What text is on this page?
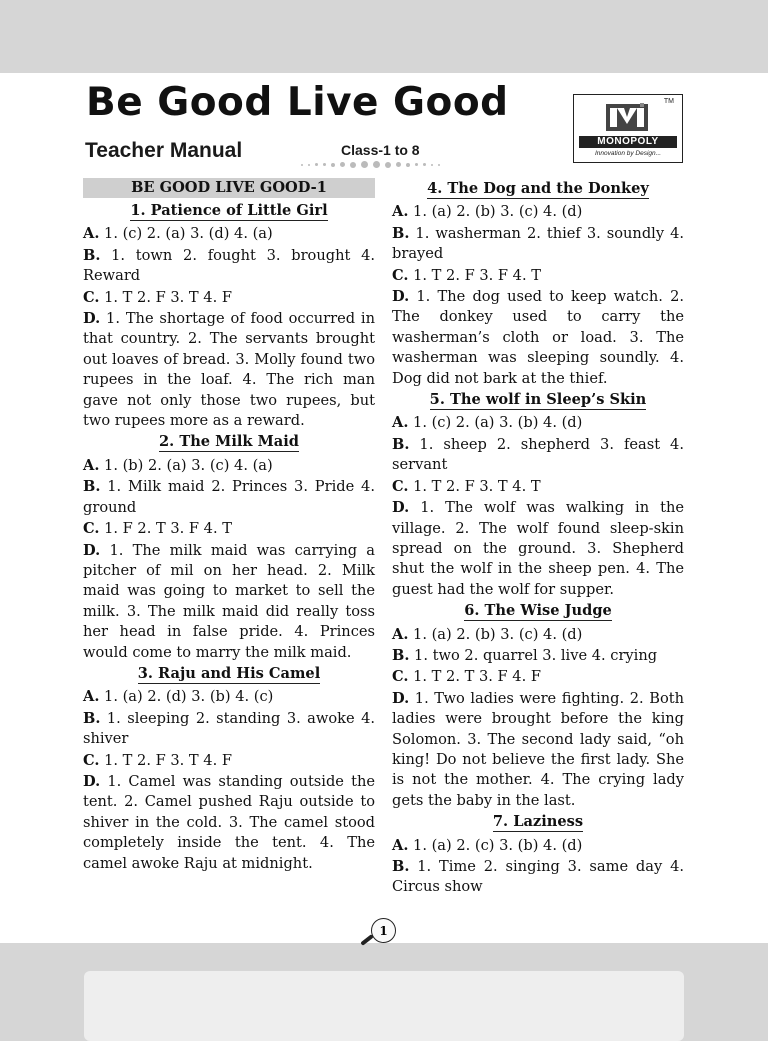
Be Good Live Good
Teacher Manual	Class-1 to 8
TM
MONOPOLY
Innovation by Design...
BE GOOD LIVE GOOD-1
1. Patience of Little Girl

A. 1. (c) 2. (a) 3. (d) 4. (a)

B. 1. town 2. fought 3. brought 4. Reward

C. 1. T 2. F 3. T 4. F

D. 1. The shortage of food occurred in that country. 2. The servants brought out loaves of bread. 3. Molly found two rupees in the loaf. 4. The rich man gave not only those two rupees, but two rupees more as a reward.

2. The Milk Maid

A. 1. (b) 2. (a) 3. (c) 4. (a)

B. 1. Milk maid 2. Princes 3. Pride 4. ground

C. 1. F 2. T 3. F 4. T

D. 1. The milk maid was carrying a pitcher of mil on her head. 2. Milk maid was going to market to sell the milk. 3. The milk maid did really toss her head in false pride. 4. Princes would come to marry the milk maid.

3. Raju and His Camel

A. 1. (a) 2. (d) 3. (b) 4. (c)

B. 1. sleeping 2. standing 3. awoke 4. shiver

C. 1. T 2. F 3. T 4. F

D. 1. Camel was standing outside the tent. 2. Camel pushed Raju outside to shiver in the cold. 3. The camel stood completely inside the tent. 4. The camel awoke Raju at midnight.

4. The Dog and the Donkey

A. 1. (a) 2. (b) 3. (c) 4. (d)

B. 1. washerman 2. thief 3. soundly 4. brayed

C. 1. T 2. F 3. F 4. T

D. 1. The dog used to keep watch. 2. The donkey used to carry the washerman’s cloth or load. 3. The washerman was sleeping soundly. 4. Dog did not bark at the thief.

5. The wolf in Sleep’s Skin

A. 1. (c) 2. (a) 3. (b) 4. (d)

B. 1. sheep 2. shepherd 3. feast 4. servant

C. 1. T 2. F 3. T 4. T

D. 1. The wolf was walking in the village. 2. The wolf found sleep-skin spread on the ground. 3. Shepherd shut the wolf in the sheep pen. 4. The guest had the wolf for supper.

6. The Wise Judge

A. 1. (a) 2. (b) 3. (c) 4. (d)

B. 1. two 2. quarrel 3. live 4. crying

C. 1. T 2. T 3. F 4. F

D. 1. Two ladies were fighting. 2. Both ladies were brought before the king Solomon. 3. The second lady said, “oh king! Do not believe the first lady. She is not the mother. 4. The crying lady gets the baby in the last.

7. Laziness

A. 1. (a) 2. (c) 3. (b) 4. (d)

B. 1. Time 2. singing 3. same day 4. Circus show

1
